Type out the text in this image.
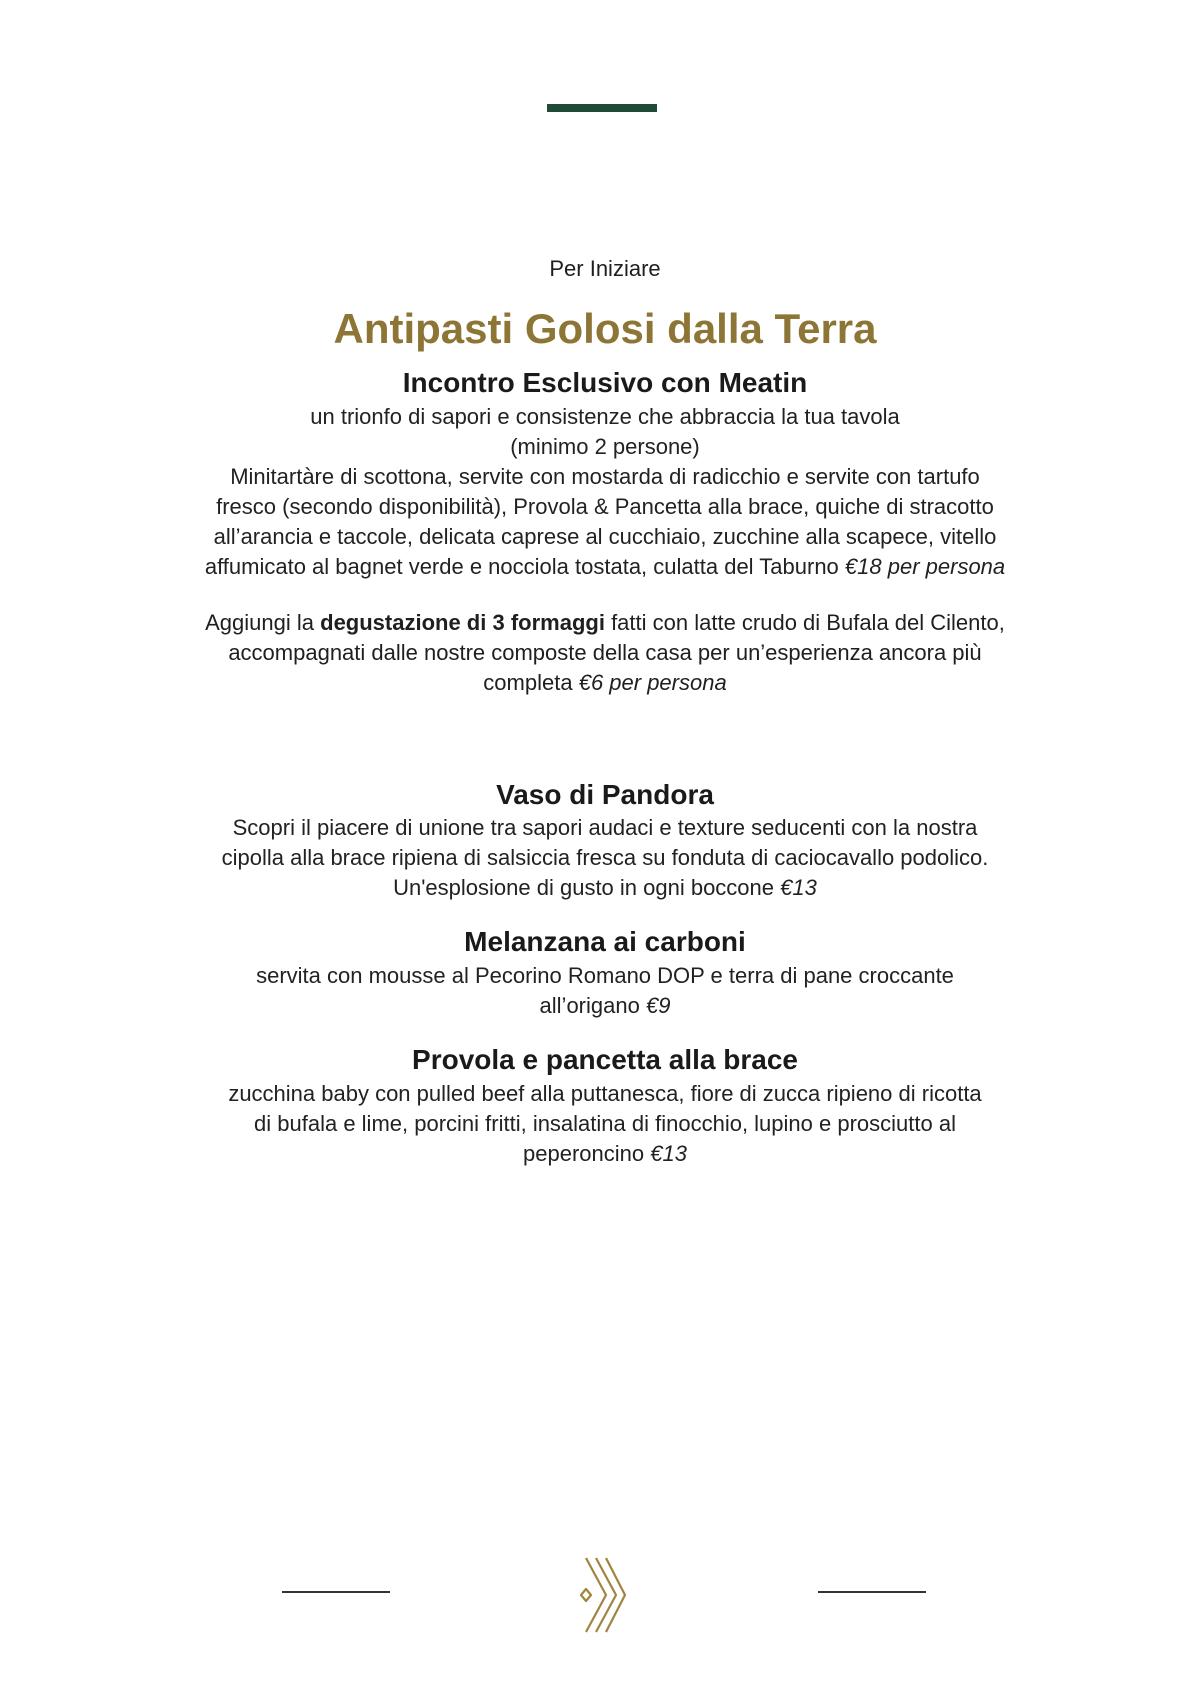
Per Iniziare

Antipasti Golosi dalla Terra
Incontro Esclusivo con Meatin

un trionfo di sapori e consistenze che abbraccia la tua tavola
(minimo 2 persone)
Minitartàre di scottona, servite con mostarda di radicchio e servite con tartufo
fresco (secondo disponibilità), Provola & Pancetta alla brace, quiche di stracotto
all’arancia e taccole, delicata caprese al cucchiaio, zucchine alla scapece, vitello
affumicato al bagnet verde e nocciola tostata, culatta del Taburno €18 per persona

Aggiungi la degustazione di 3 formaggi fatti con latte crudo di Bufala del Cilento,
accompagnati dalle nostre composte della casa per un’esperienza ancora più
completa €6 per persona

Vaso di Pandora

Scopri il piacere di unione tra sapori audaci e texture seducenti con la nostra
cipolla alla brace ripiena di salsiccia fresca su fonduta di caciocavallo podolico.
Un'esplosione di gusto in ogni boccone €13

Melanzana ai carboni

servita con mousse al Pecorino Romano DOP e terra di pane croccante
all’origano €9

Provola e pancetta alla brace

zucchina baby con pulled beef alla puttanesca, fiore di zucca ripieno di ricotta
di bufala e lime, porcini fritti, insalatina di finocchio, lupino e prosciutto al
peperoncino €13
